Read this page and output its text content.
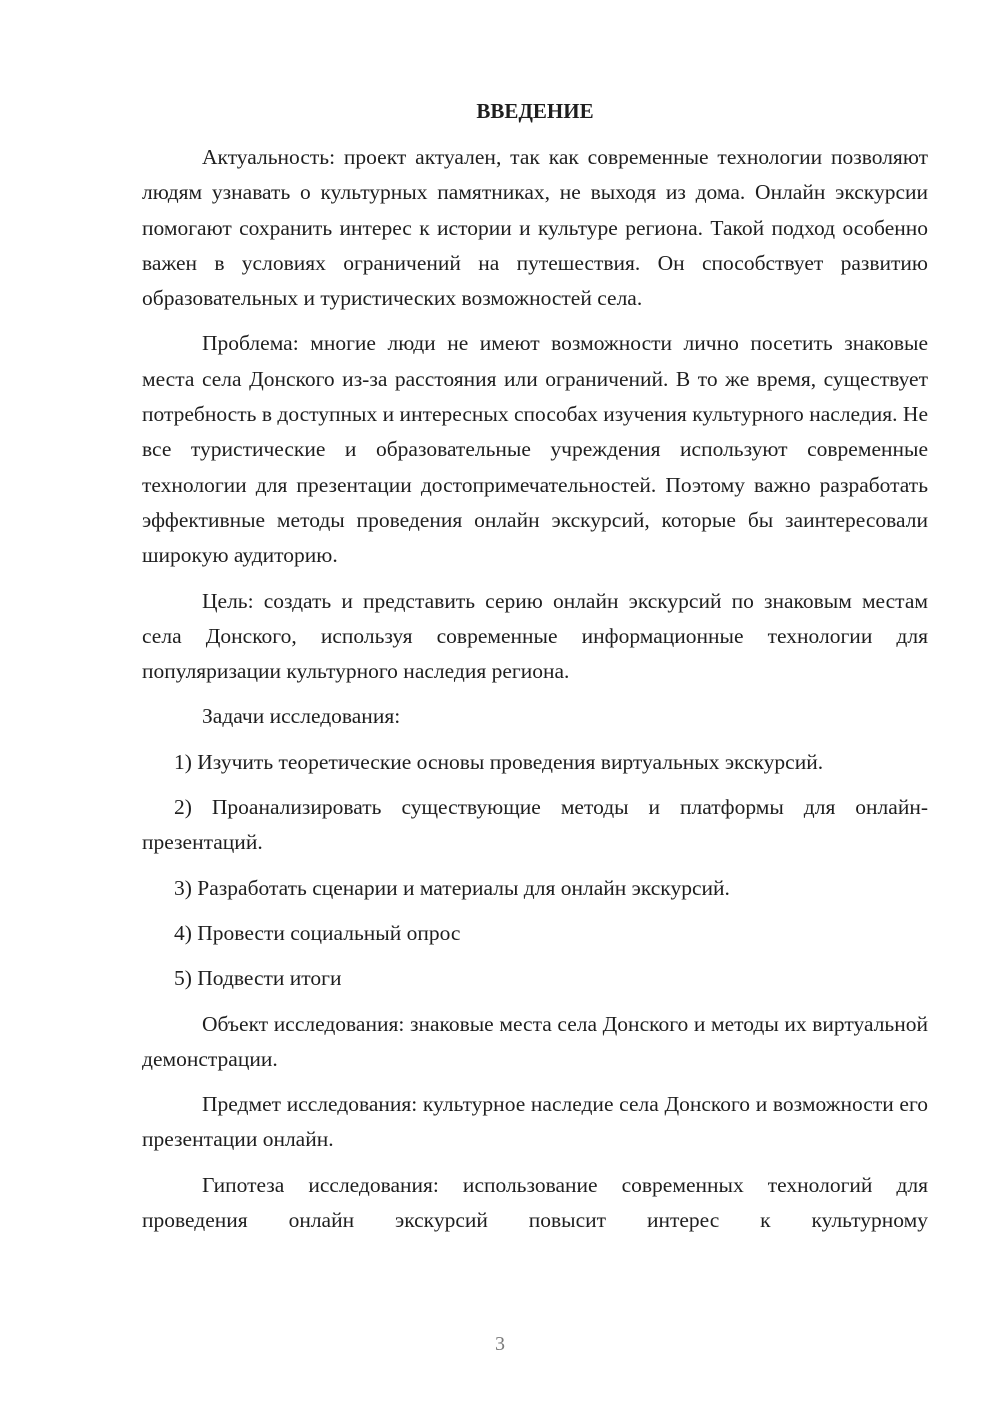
ВВЕДЕНИЕ

Актуальность: проект актуален, так как современные технологии позволяют людям узнавать о культурных памятниках, не выходя из дома. Онлайн экскурсии помогают сохранить интерес к истории и культуре региона. Такой подход особенно важен в условиях ограничений на путешествия. Он способствует развитию образовательных и туристических возможностей села.

Проблема: многие люди не имеют возможности лично посетить знаковые места села Донского из-за расстояния или ограничений. В то же время, существует потребность в доступных и интересных способах изучения культурного наследия. Не все туристические и образовательные учреждения используют современные технологии для презентации достопримечательностей. Поэтому важно разработать эффективные методы проведения онлайн экскурсий, которые бы заинтересовали широкую аудиторию.

Цель: создать и представить серию онлайн экскурсий по знаковым местам села Донского, используя современные информационные технологии для популяризации культурного наследия региона.

Задачи исследования:

1) Изучить теоретические основы проведения виртуальных экскурсий.

2) Проанализировать существующие методы и платформы для онлайн-презентаций.

3) Разработать сценарии и материалы для онлайн экскурсий.

4) Провести социальный опрос

5) Подвести итоги

Объект исследования: знаковые места села Донского и методы их виртуальной демонстрации.

Предмет исследования: культурное наследие села Донского и возможности его презентации онлайн.

Гипотеза исследования: использование современных технологий для проведения онлайн экскурсий повысит интерес к культурному

3
